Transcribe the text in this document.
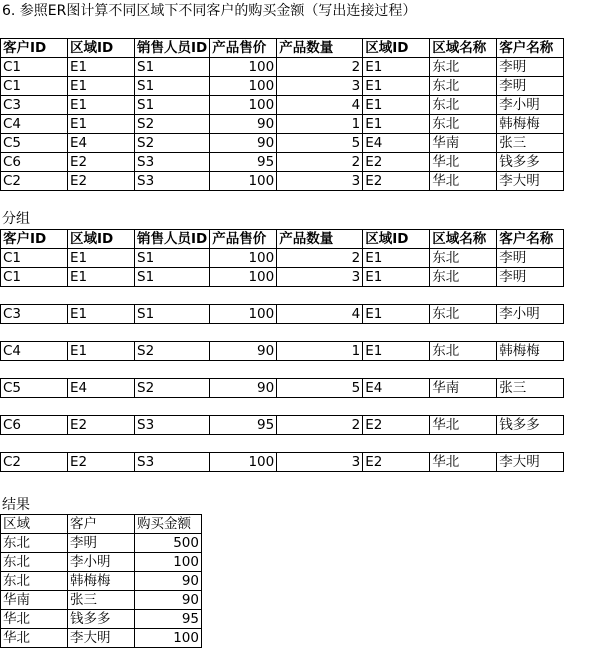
6. 参照ER图计算不同区域下不同客户的购买金额（写出连接过程）
客户ID	区域ID	销售人员ID	产品售价	产品数量	区域ID	区域名称	客户名称
C1	E1	S1	100	2	E1	东北	李明
C1	E1	S1	100	3	E1	东北	李明
C3	E1	S1	100	4	E1	东北	李小明
C4	E1	S2	90	1	E1	东北	韩梅梅
C5	E4	S2	90	5	E4	华南	张三
C6	E2	S3	95	2	E2	华北	钱多多
C2	E2	S3	100	3	E2	华北	李大明
分组
客户ID	区域ID	销售人员ID	产品售价	产品数量	区域ID	区域名称	客户名称
C1	E1	S1	100	2	E1	东北	李明
C1	E1	S1	100	3	E1	东北	李明

C3	E1	S1	100	4	E1	东北	李小明

C4	E1	S2	90	1	E1	东北	韩梅梅

C5	E4	S2	90	5	E4	华南	张三

C6	E2	S3	95	2	E2	华北	钱多多

C2	E2	S3	100	3	E2	华北	李大明
结果
区域	客户	购买金额
东北	李明	500
东北	李小明	100
东北	韩梅梅	90
华南	张三	90
华北	钱多多	95
华北	李大明	100
